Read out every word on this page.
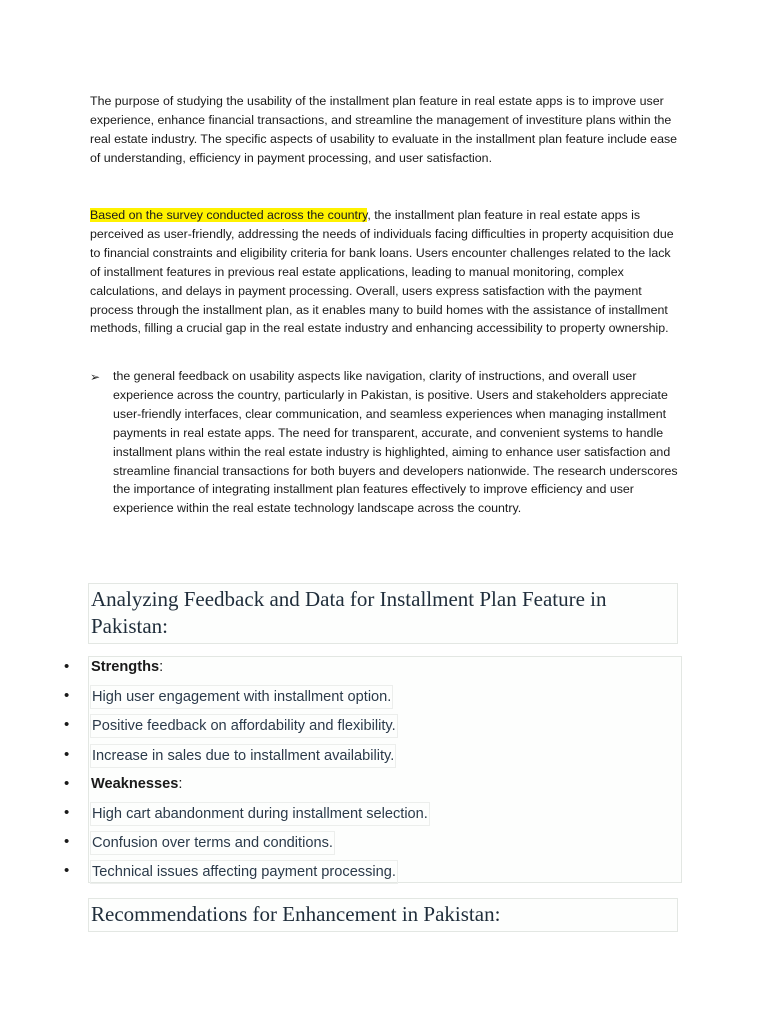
The purpose of studying the usability of the installment plan feature in real estate apps is to improve user experience, enhance financial transactions, and streamline the management of investiture plans within the real estate industry. The specific aspects of usability to evaluate in the installment plan feature include ease of understanding, efficiency in payment processing, and user satisfaction.

Based on the survey conducted across the country, the installment plan feature in real estate apps is perceived as user-friendly, addressing the needs of individuals facing difficulties in property acquisition due to financial constraints and eligibility criteria for bank loans. Users encounter challenges related to the lack of installment features in previous real estate applications, leading to manual monitoring, complex calculations, and delays in payment processing. Overall, users express satisfaction with the payment process through the installment plan, as it enables many to build homes with the assistance of installment methods, filling a crucial gap in the real estate industry and enhancing accessibility to property ownership.

➢ the general feedback on usability aspects like navigation, clarity of instructions, and overall user experience across the country, particularly in Pakistan, is positive. Users and stakeholders appreciate user-friendly interfaces, clear communication, and seamless experiences when managing installment payments in real estate apps. The need for transparent, accurate, and convenient systems to handle installment plans within the real estate industry is highlighted, aiming to enhance user satisfaction and streamline financial transactions for both buyers and developers nationwide. The research underscores the importance of integrating installment plan features effectively to improve efficiency and user experience within the real estate technology landscape across the country.

Analyzing Feedback and Data for Installment Plan Feature in Pakistan:
• Strengths:
• High user engagement with installment option.
• Positive feedback on affordability and flexibility.
• Increase in sales due to installment availability.
• Weaknesses:
• High cart abandonment during installment selection.
• Confusion over terms and conditions.
• Technical issues affecting payment processing.
Recommendations for Enhancement in Pakistan:
